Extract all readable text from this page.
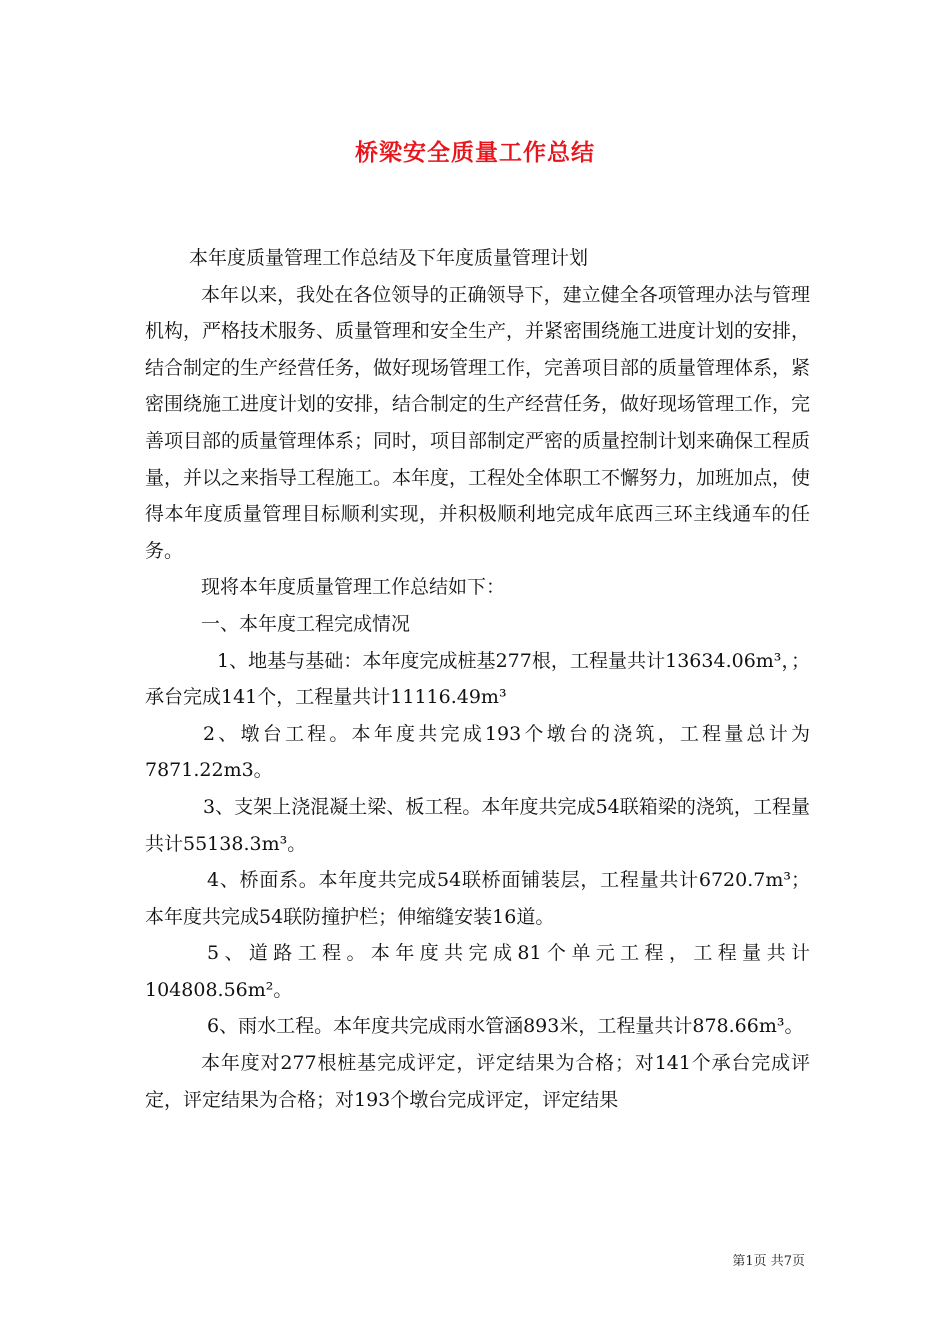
桥梁安全质量工作总结

本年度质量管理工作总结及下年度质量管理计划

本年以来，我处在各位领导的正确领导下，建立健全各项管理办法与管理机构，严格技术服务、质量管理和安全生产，并紧密围绕施工进度计划的安排，结合制定的生产经营任务，做好现场管理工作，完善项目部的质量管理体系，紧密围绕施工进度计划的安排，结合制定的生产经营任务，做好现场管理工作，完善项目部的质量管理体系；同时，项目部制定严密的质量控制计划来确保工程质量，并以之来指导工程施工。本年度，工程处全体职工不懈努力，加班加点，使得本年度质量管理目标顺利实现，并积极顺利地完成年底西三环主线通车的任务。

现将本年度质量管理工作总结如下：

一、本年度工程完成情况

1、地基与基础：本年度完成桩基277根，工程量共计13634.06m³，；承台完成141个，工程量共计11116.49m³

2、墩台工程。本年度共完成193个墩台的浇筑，工程量总计为7871.22m3。

3、支架上浇混凝土梁、板工程。本年度共完成54联箱梁的浇筑，工程量共计55138.3m³。

4、桥面系。本年度共完成54联桥面铺装层，工程量共计6720.7m³；本年度共完成54联防撞护栏；伸缩缝安装16道。

5、道路工程。本年度共完成81个单元工程，工程量共计104808.56m²。

6、雨水工程。本年度共完成雨水管涵893米，工程量共计878.66m³。

本年度对277根桩基完成评定，评定结果为合格；对141个承台完成评定，评定结果为合格；对193个墩台完成评定，评定结果

第1页 共7页
